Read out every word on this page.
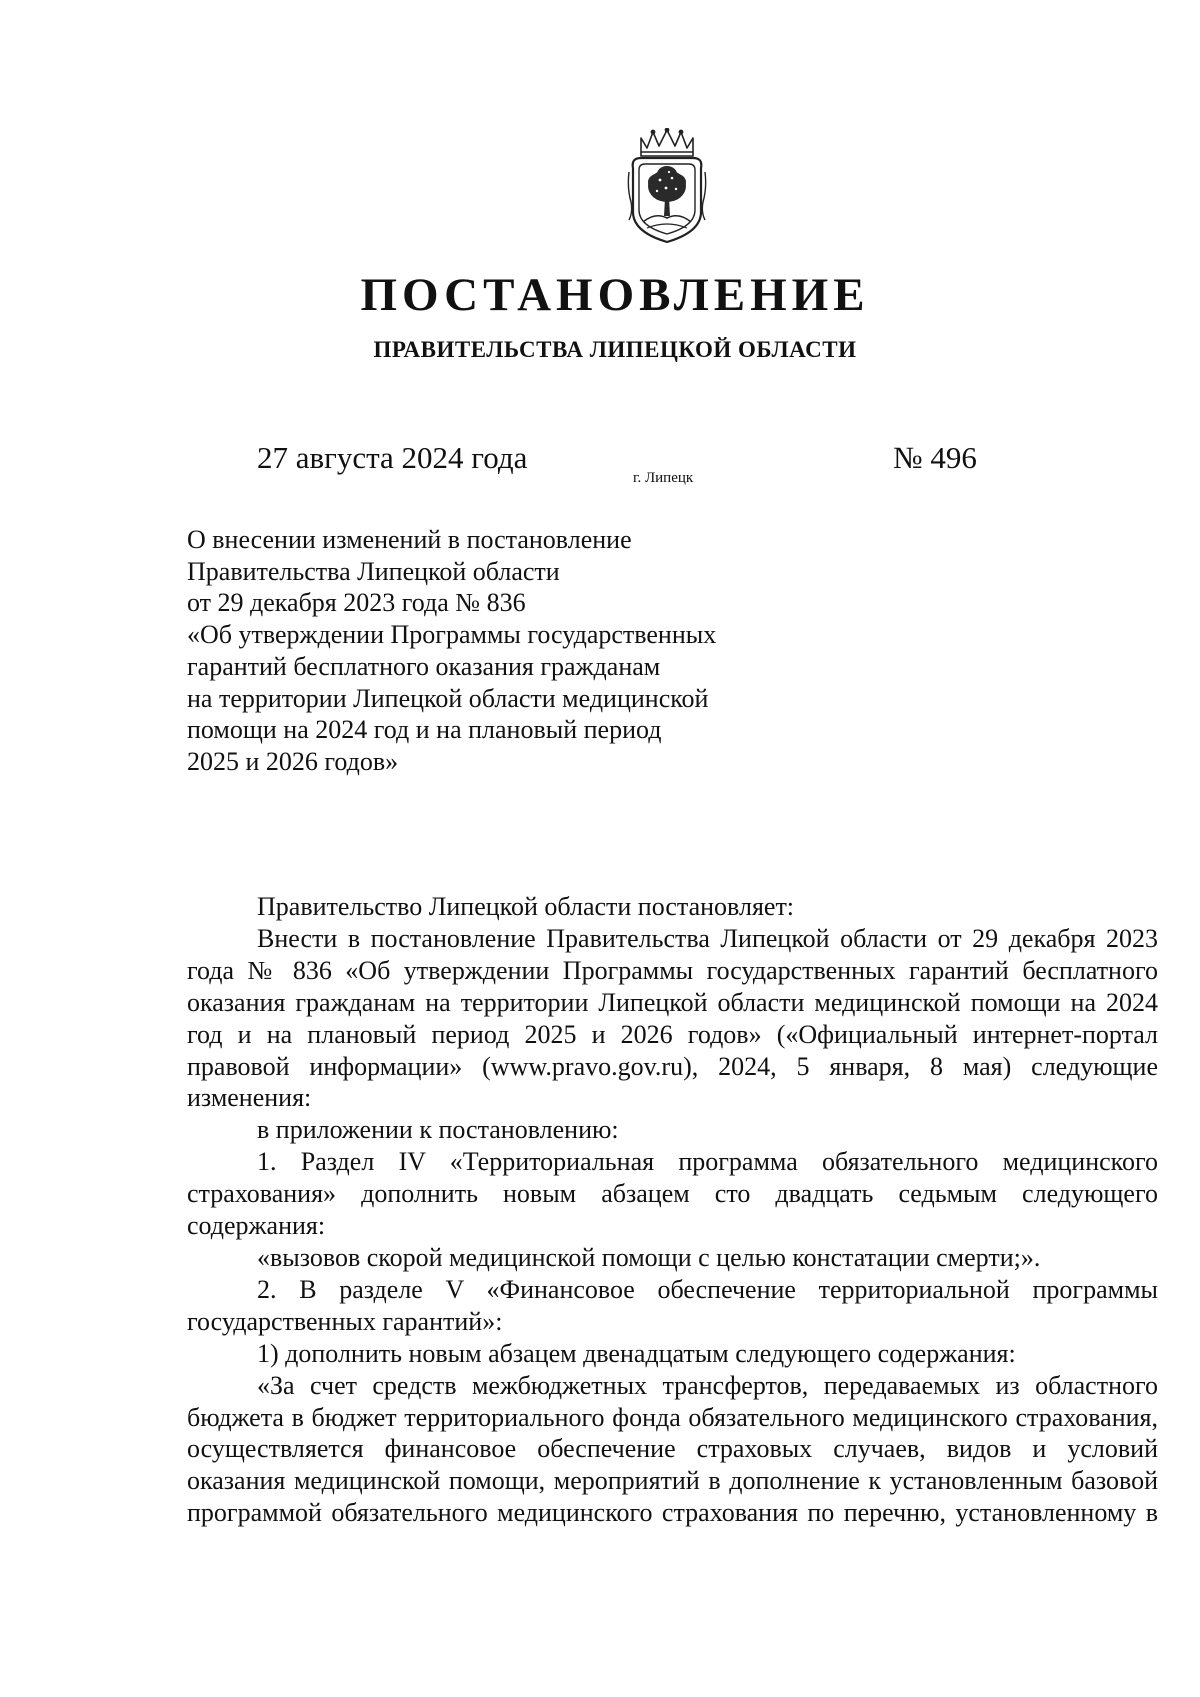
ПОСТАНОВЛЕНИЕ
ПРАВИТЕЛЬСТВА ЛИПЕЦКОЙ ОБЛАСТИ
27 августа 2024 года
г. Липецк
№ 496
О внесении изменений в постановление
Правительства Липецкой области
от 29 декабря 2023 года № 836
«Об утверждении Программы государственных
гарантий бесплатного оказания гражданам
на территории Липецкой области медицинской
помощи на 2024 год и на плановый период
2025 и 2026 годов»

Правительство Липецкой области постановляет:

Внести в постановление Правительства Липецкой области от 29 декабря 2023 года № 836 «Об утверждении Программы государственных гарантий бесплатного оказания гражданам на территории Липецкой области медицинской помощи на 2024 год и на плановый период 2025 и 2026 годов» («Официальный интернет-портал правовой информации» (www.pravo.gov.ru), 2024, 5 января, 8 мая) следующие изменения:

в приложении к постановлению:

1. Раздел IV «Территориальная программа обязательного медицинского страхования» дополнить новым абзацем сто двадцать седьмым следующего содержания:

«вызовов скорой медицинской помощи с целью констатации смерти;».

2. В разделе V «Финансовое обеспечение территориальной программы государственных гарантий»:

1) дополнить новым абзацем двенадцатым следующего содержания:

«За счет средств межбюджетных трансфертов, передаваемых из областного бюджета в бюджет территориального фонда обязательного медицинского страхования, осуществляется финансовое обеспечение страховых случаев, видов и условий оказания медицинской помощи, мероприятий в дополнение к установленным базовой программой обязательного медицинского страхования по перечню, установленному в
